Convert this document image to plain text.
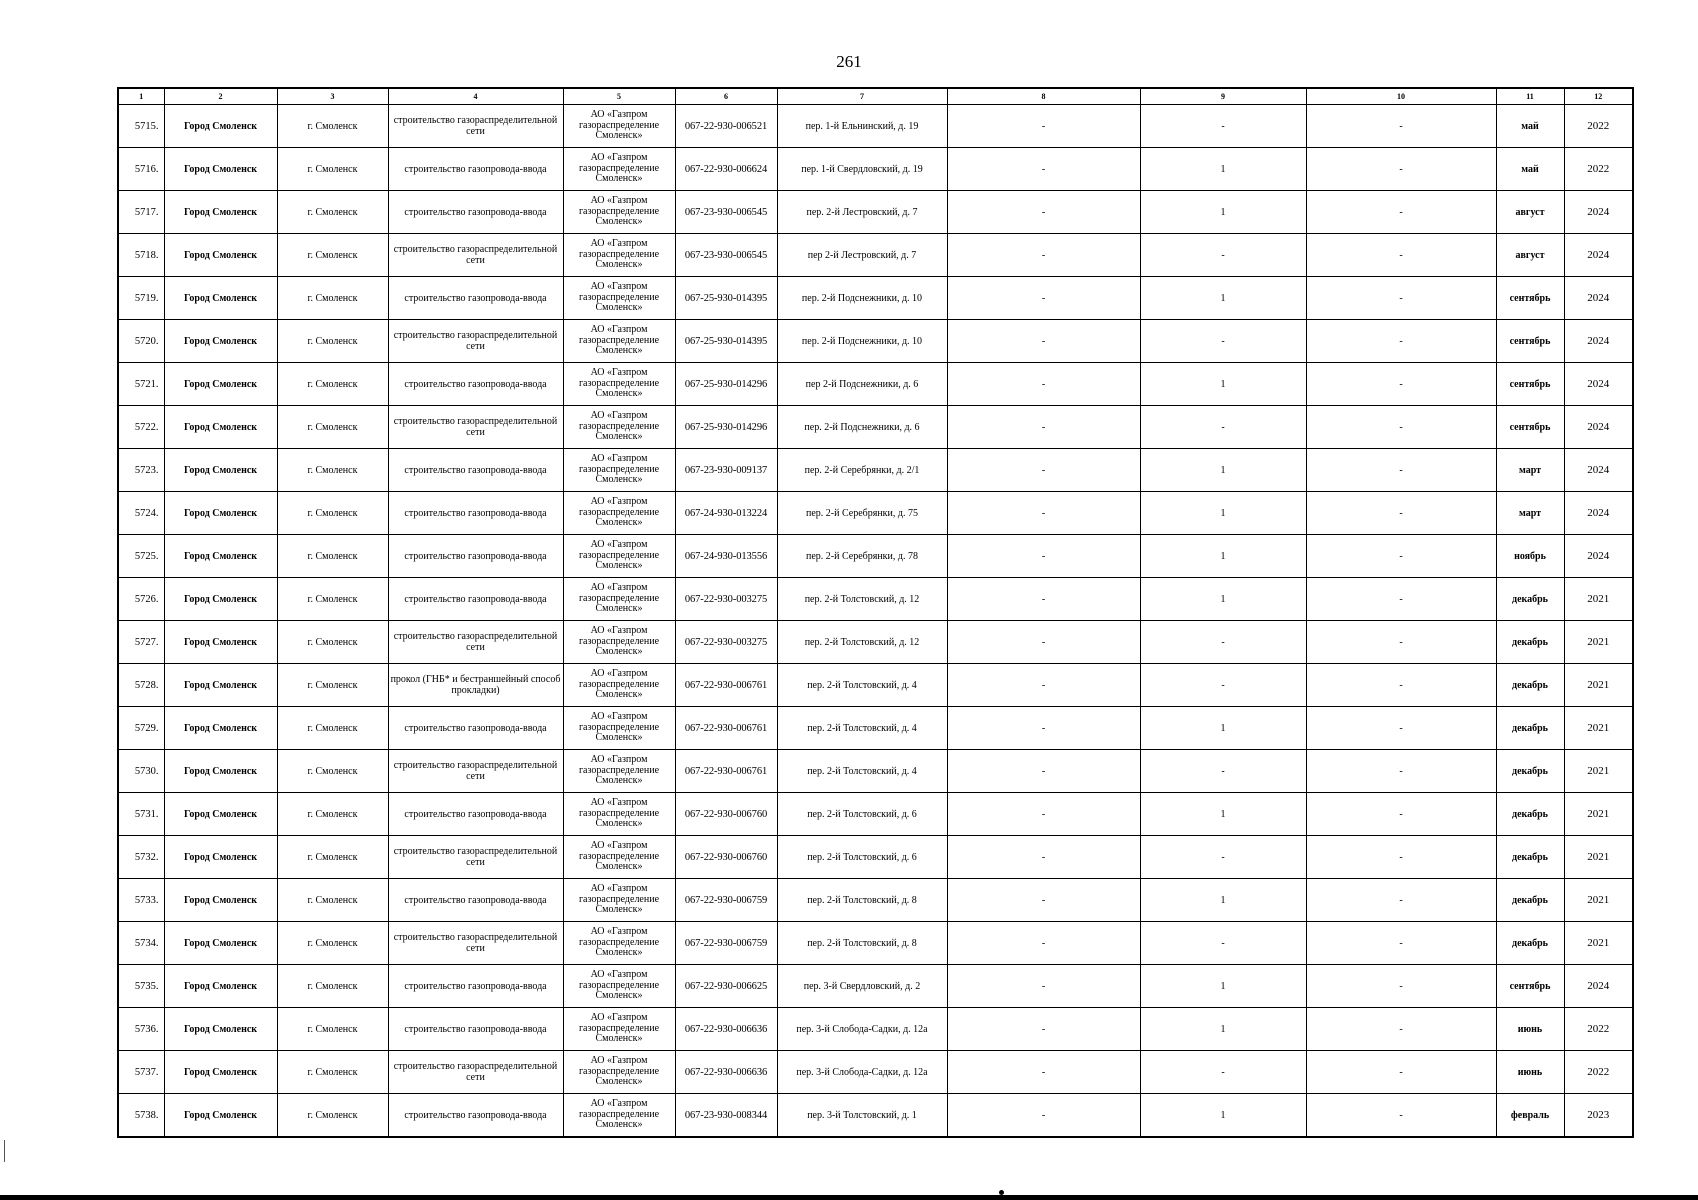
261
1	2	3	4	5	6	7	8	9	10	11	12
5715.	Город Смоленск	г. Смоленск	строительство газораспределительной сети	АО «Газпром газораспределение Смоленск»	067-22-930-006521	пер. 1-й Ельнинский, д. 19	-	-	-	май	2022
5716.	Город Смоленск	г. Смоленск	строительство газопровода-ввода	АО «Газпром газораспределение Смоленск»	067-22-930-006624	пер. 1-й Свердловский, д. 19	-	1	-	май	2022
5717.	Город Смоленск	г. Смоленск	строительство газопровода-ввода	АО «Газпром газораспределение Смоленск»	067-23-930-006545	пер. 2-й Лестровский, д. 7	-	1	-	август	2024
5718.	Город Смоленск	г. Смоленск	строительство газораспределительной сети	АО «Газпром газораспределение Смоленск»	067-23-930-006545	пер 2-й Лестровский, д. 7	-	-	-	август	2024
5719.	Город Смоленск	г. Смоленск	строительство газопровода-ввода	АО «Газпром газораспределение Смоленск»	067-25-930-014395	пер. 2-й Подснежники, д. 10	-	1	-	сентябрь	2024
5720.	Город Смоленск	г. Смоленск	строительство газораспределительной сети	АО «Газпром газораспределение Смоленск»	067-25-930-014395	пер. 2-й Подснежники, д. 10	-	-	-	сентябрь	2024
5721.	Город Смоленск	г. Смоленск	строительство газопровода-ввода	АО «Газпром газораспределение Смоленск»	067-25-930-014296	пер 2-й Подснежники, д. 6	-	1	-	сентябрь	2024
5722.	Город Смоленск	г. Смоленск	строительство газораспределительной сети	АО «Газпром газораспределение Смоленск»	067-25-930-014296	пер. 2-й Подснежники, д. 6	-	-	-	сентябрь	2024
5723.	Город Смоленск	г. Смоленск	строительство газопровода-ввода	АО «Газпром газораспределение Смоленск»	067-23-930-009137	пер. 2-й Серебрянки, д. 2/1	-	1	-	март	2024
5724.	Город Смоленск	г. Смоленск	строительство газопровода-ввода	АО «Газпром газораспределение Смоленск»	067-24-930-013224	пер. 2-й Серебрянки, д. 75	-	1	-	март	2024
5725.	Город Смоленск	г. Смоленск	строительство газопровода-ввода	АО «Газпром газораспределение Смоленск»	067-24-930-013556	пер. 2-й Серебрянки, д. 78	-	1	-	ноябрь	2024
5726.	Город Смоленск	г. Смоленск	строительство газопровода-ввода	АО «Газпром газораспределение Смоленск»	067-22-930-003275	пер. 2-й Толстовский, д. 12	-	1	-	декабрь	2021
5727.	Город Смоленск	г. Смоленск	строительство газораспределительной сети	АО «Газпром газораспределение Смоленск»	067-22-930-003275	пер. 2-й Толстовский, д. 12	-	-	-	декабрь	2021
5728.	Город Смоленск	г. Смоленск	прокол (ГНБ* и бестраншейный способ прокладки)	АО «Газпром газораспределение Смоленск»	067-22-930-006761	пер. 2-й Толстовский, д. 4	-	-	-	декабрь	2021
5729.	Город Смоленск	г. Смоленск	строительство газопровода-ввода	АО «Газпром газораспределение Смоленск»	067-22-930-006761	пер. 2-й Толстовский, д. 4	-	1	-	декабрь	2021
5730.	Город Смоленск	г. Смоленск	строительство газораспределительной сети	АО «Газпром газораспределение Смоленск»	067-22-930-006761	пер. 2-й Толстовский, д. 4	-	-	-	декабрь	2021
5731.	Город Смоленск	г. Смоленск	строительство газопровода-ввода	АО «Газпром газораспределение Смоленск»	067-22-930-006760	пер. 2-й Толстовский, д. 6	-	1	-	декабрь	2021
5732.	Город Смоленск	г. Смоленск	строительство газораспределительной сети	АО «Газпром газораспределение Смоленск»	067-22-930-006760	пер. 2-й Толстовский, д. 6	-	-	-	декабрь	2021
5733.	Город Смоленск	г. Смоленск	строительство газопровода-ввода	АО «Газпром газораспределение Смоленск»	067-22-930-006759	пер. 2-й Толстовский, д. 8	-	1	-	декабрь	2021
5734.	Город Смоленск	г. Смоленск	строительство газораспределительной сети	АО «Газпром газораспределение Смоленск»	067-22-930-006759	пер. 2-й Толстовский, д. 8	-	-	-	декабрь	2021
5735.	Город Смоленск	г. Смоленск	строительство газопровода-ввода	АО «Газпром газораспределение Смоленск»	067-22-930-006625	пер. 3-й Свердловский, д. 2	-	1	-	сентябрь	2024
5736.	Город Смоленск	г. Смоленск	строительство газопровода-ввода	АО «Газпром газораспределение Смоленск»	067-22-930-006636	пер. 3-й Слобода-Садки, д. 12а	-	1	-	июнь	2022
5737.	Город Смоленск	г. Смоленск	строительство газораспределительной сети	АО «Газпром газораспределение Смоленск»	067-22-930-006636	пер. 3-й Слобода-Садки, д. 12а	-	-	-	июнь	2022
5738.	Город Смоленск	г. Смоленск	строительство газопровода-ввода	АО «Газпром газораспределение Смоленск»	067-23-930-008344	пер. 3-й Толстовский, д. 1	-	1	-	февраль	2023
